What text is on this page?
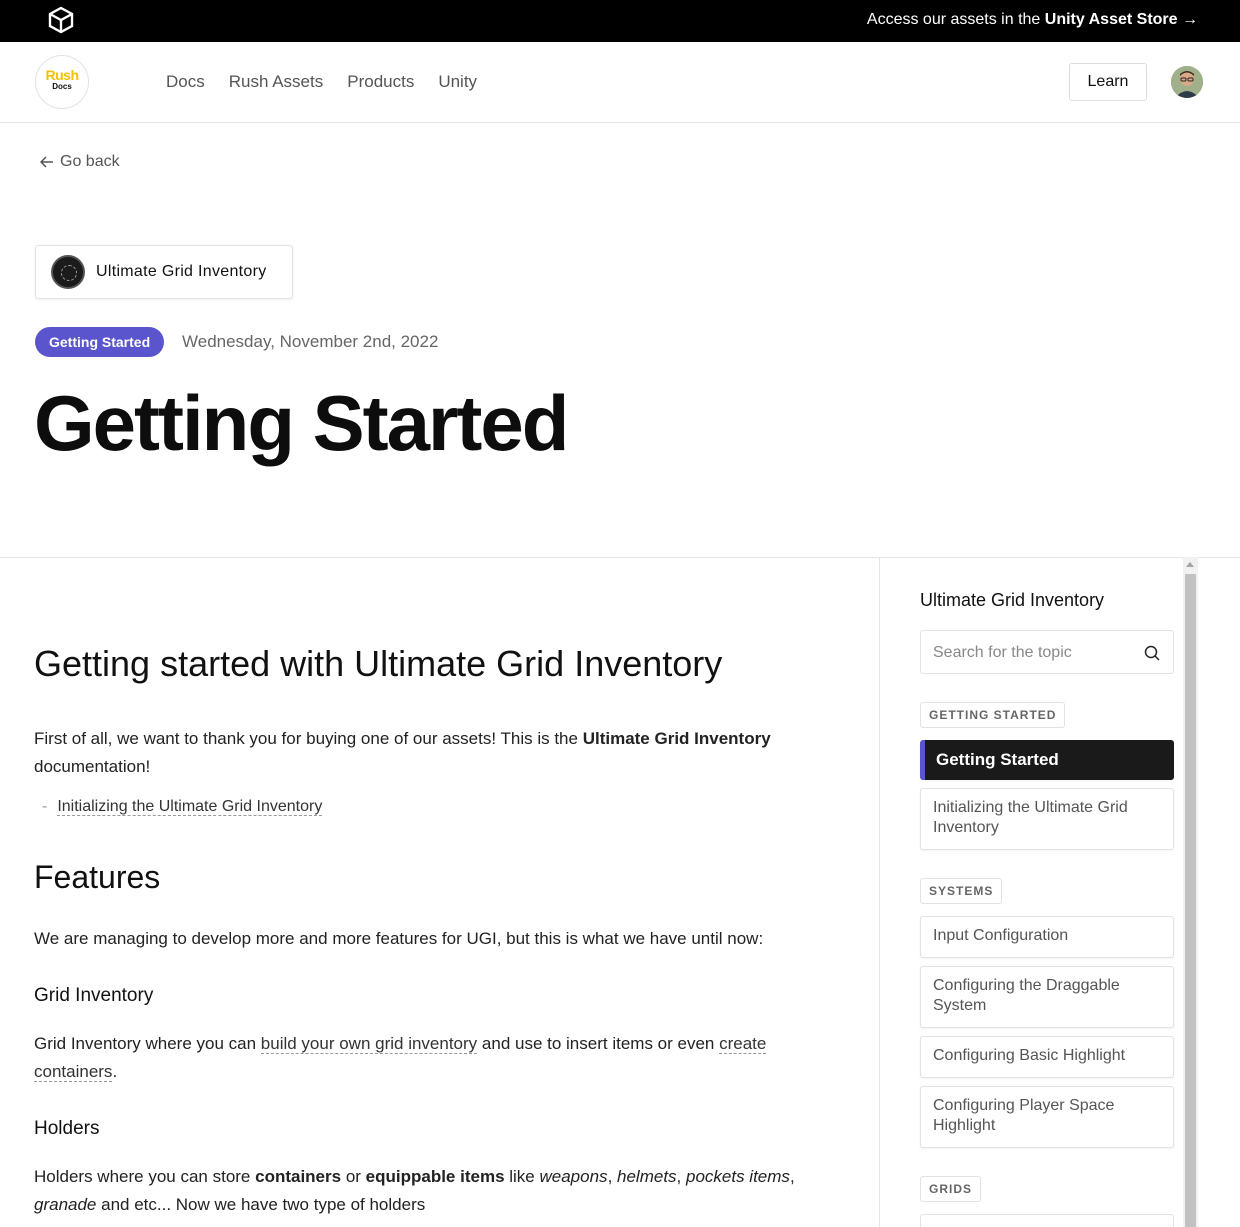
Access our assets in the Unity Asset Store →
Rush
Docs	Docs Rush Assets Products Unity	Learn
Go back
Ultimate Grid Inventory
Getting Started	Wednesday, November 2nd, 2022
Getting Started
Getting started with Ultimate Grid Inventory
First of all, we want to thank you for buying one of our assets! This is the Ultimate Grid Inventory documentation!
- Initializing the Ultimate Grid Inventory
Features
We are managing to develop more and more features for UGI, but this is what we have until now:
Grid Inventory
Grid Inventory where you can build your own grid inventory and use to insert items or even create containers.
Holders
Holders where you can store containers or equippable items like weapons, helmets, pockets items, granade and etc... Now we have two type of holders
Ultimate Grid Inventory
Search for the topic
GETTING STARTED
Getting Started
Initializing the Ultimate Grid Inventory
SYSTEMS
Input Configuration
Configuring the Draggable System
Configuring Basic Highlight
Configuring Player Space Highlight
GRIDS
